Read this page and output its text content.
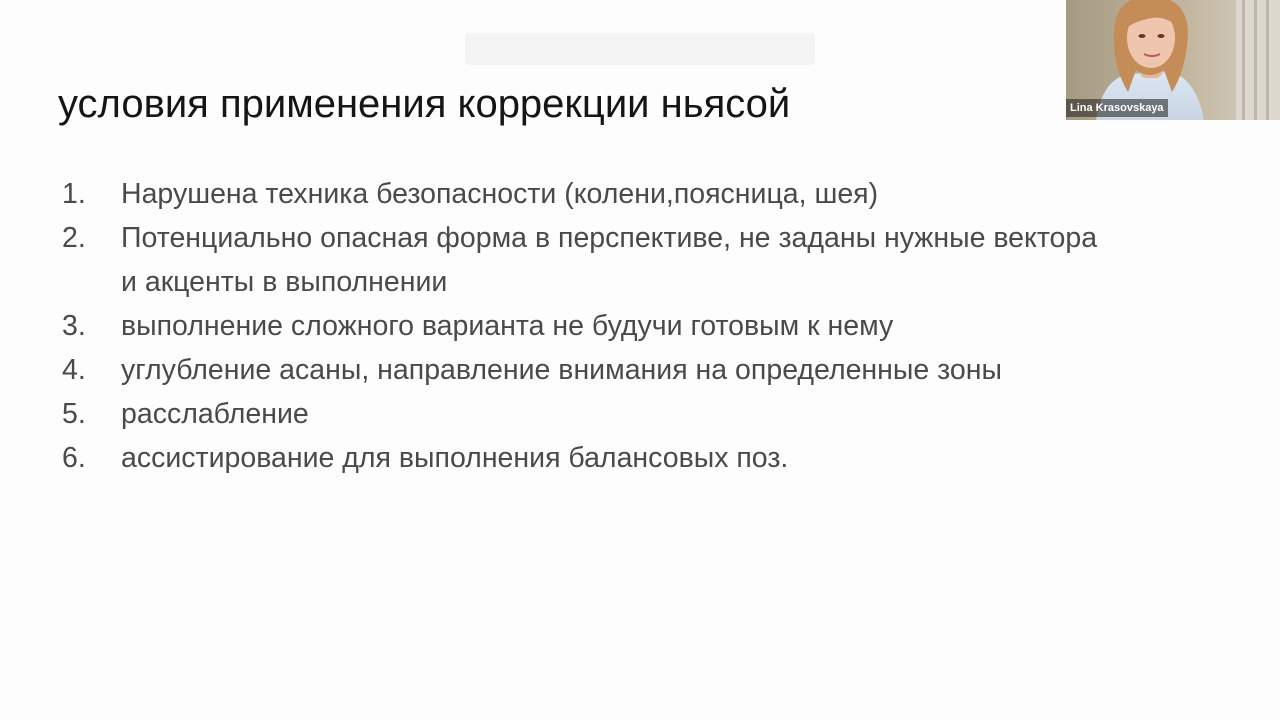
условия применения коррекции ньясой
1.	Нарушена техника безопасности (колени,поясница, шея)
2.	Потенциально опасная форма в перспективе, не заданы нужные вектора
и акценты в выполнении
3.	выполнение сложного варианта не будучи готовым к нему
4.	углубление асаны, направление внимания на определенные зоны
5.	расслабление
6.	ассистирование для выполнения балансовых поз.
Lina Krasovskaya
